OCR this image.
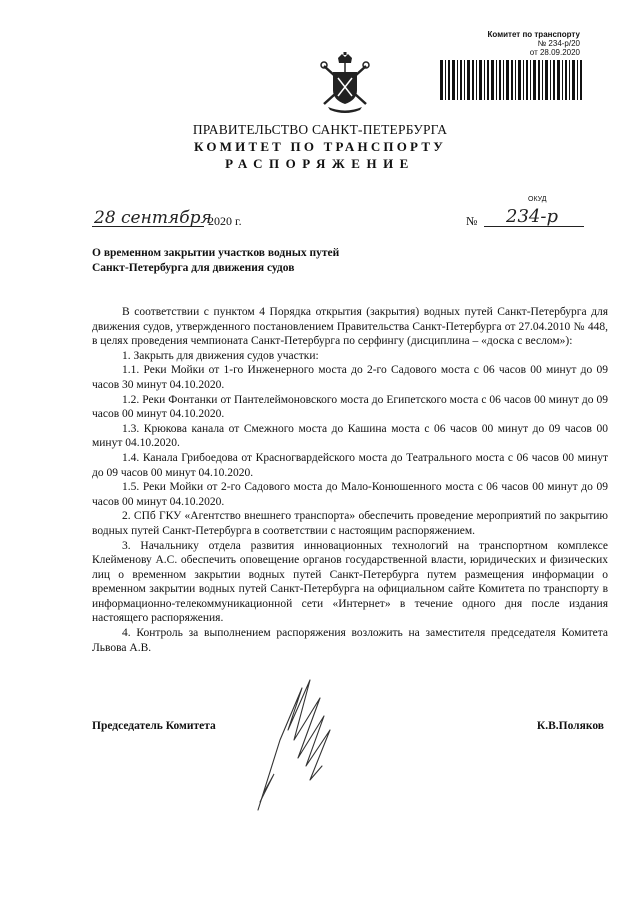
Комитет по транспорту
№ 234-р/20
от 28.09.2020
ПРАВИТЕЛЬСТВО САНКТ-ПЕТЕРБУРГА
КОМИТЕТ ПО ТРАНСПОРТУ
РАСПОРЯЖЕНИЕ
ОКУД
28 сентября
2020 г.	№ 234-р
О временном закрытии участков водных путей Санкт-Петербурга для движения судов

В соответствии с пунктом 4 Порядка открытия (закрытия) водных путей Санкт-Петербурга для движения судов, утвержденного постановлением Правительства Санкт-Петербурга от 27.04.2010 № 448, в целях проведения чемпионата Санкт-Петербурга по серфингу (дисциплина – «доска с веслом»):

1. Закрыть для движения судов участки:

1.1. Реки Мойки от 1-го Инженерного моста до 2-го Садового моста с 06 часов 00 минут до 09 часов 30 минут 04.10.2020.

1.2. Реки Фонтанки от Пантелеймоновского моста до Египетского моста с 06 часов 00 минут до 09 часов 00 минут 04.10.2020.

1.3. Крюкова канала от Смежного моста до Кашина моста с 06 часов 00 минут до 09 часов 00 минут 04.10.2020.

1.4. Канала Грибоедова от Красногвардейского моста до Театрального моста с 06 часов 00 минут до 09 часов 00 минут 04.10.2020.

1.5. Реки Мойки от 2-го Садового моста до Мало-Конюшенного моста с 06 часов 00 минут до 09 часов 00 минут 04.10.2020.

2. СПб ГКУ «Агентство внешнего транспорта» обеспечить проведение мероприятий по закрытию водных путей Санкт-Петербурга в соответствии с настоящим распоряжением.

3. Начальнику отдела развития инновационных технологий на транспортном комплексе Клейменову А.С. обеспечить оповещение органов государственной власти, юридических и физических лиц о временном закрытии водных путей Санкт-Петербурга путем размещения информации о временном закрытии водных путей Санкт-Петербурга на официальном сайте Комитета по транспорту в информационно-телекоммуникационной сети «Интернет» в течение одного дня после издания настоящего распоряжения.

4. Контроль за выполнением распоряжения возложить на заместителя председателя Комитета Львова А.В.

Председатель Комитета	К.В.Поляков
